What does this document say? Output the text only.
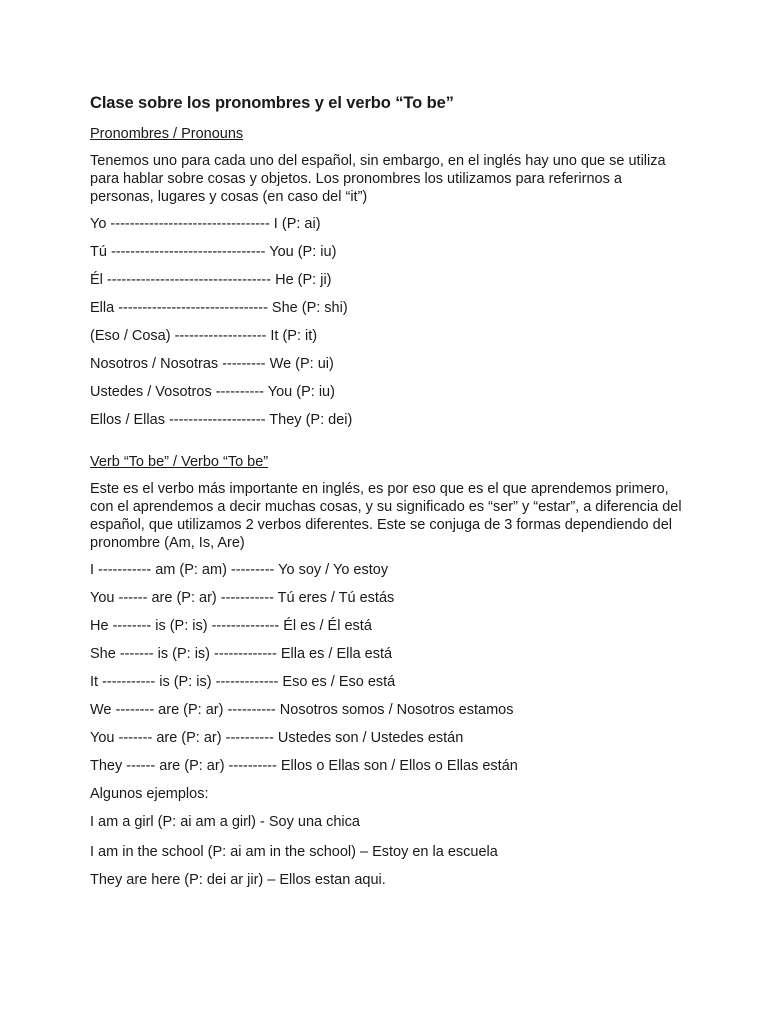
Clase sobre los pronombres y el verbo “To be”

Pronombres / Pronouns

Tenemos uno para cada uno del español, sin embargo, en el inglés hay uno que se utiliza para hablar sobre cosas y objetos. Los pronombres los utilizamos para referirnos a personas, lugares y cosas (en caso del “it”)

Yo --------------------------------- I (P: ai)

Tú -------------------------------- You (P: iu)

Él ---------------------------------- He (P: ji)

Ella ------------------------------- She (P: shi)

(Eso / Cosa) ------------------- It (P: it)

Nosotros / Nosotras --------- We (P: ui)

Ustedes / Vosotros ---------- You (P: iu)

Ellos / Ellas -------------------- They (P: dei)

Verb “To be” / Verbo “To be”

Este es el verbo más importante en inglés, es por eso que es el que aprendemos primero, con el aprendemos a decir muchas cosas, y su significado es “ser” y “estar”, a diferencia del español, que utilizamos 2 verbos diferentes. Este se conjuga de 3 formas dependiendo del pronombre (Am, Is, Are)

I ----------- am (P: am) --------- Yo soy / Yo estoy

You ------ are (P: ar) ----------- Tú eres / Tú estás

He -------- is (P: is) -------------- Él es / Él está

She ------- is (P: is) ------------- Ella es / Ella está

It ----------- is (P: is) ------------- Eso es / Eso está

We -------- are (P: ar) ---------- Nosotros somos / Nosotros estamos

You ------- are (P: ar) ---------- Ustedes son / Ustedes están

They ------ are (P: ar) ---------- Ellos o Ellas son / Ellos o Ellas están

Algunos ejemplos:

I am a girl (P: ai am a girl) - Soy una chica

I am in the school (P: ai am in the school) – Estoy en la escuela

They are here (P: dei ar jir) – Ellos estan aqui.
